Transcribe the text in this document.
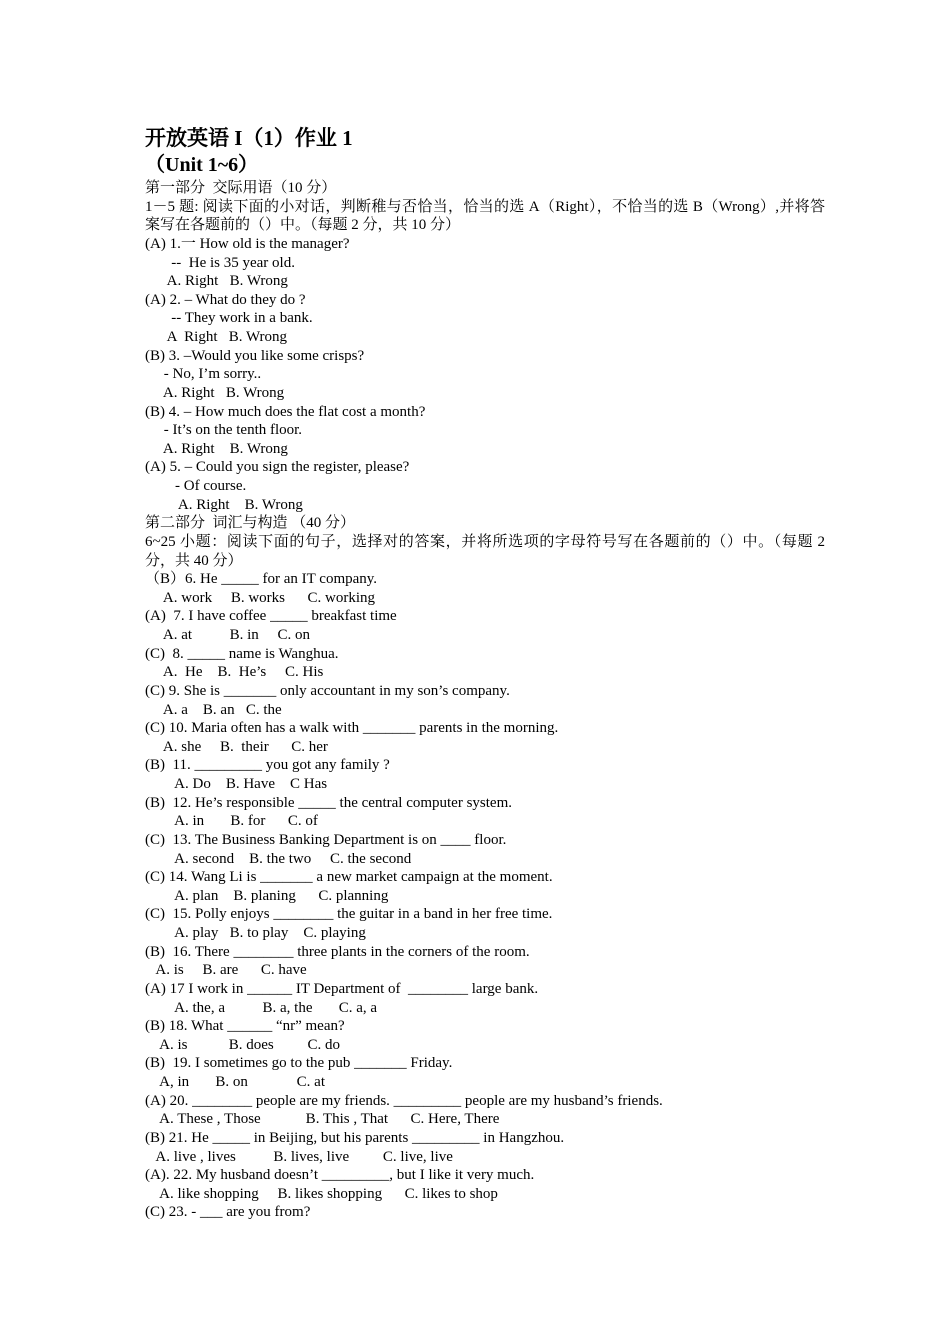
开放英语 I（1）作业 1
（Unit 1~6）
第一部分  交际用语（10 分）
1－5 题: 阅读下面的小对话，判断稚与否恰当，恰当的选 A（Right），不恰当的选 B（Wrong）,并将答案写在各题前的（）中。（每题 2 分，共 10 分）
(A) 1.一 How old is the manager?
--  He is 35 year old.
A. Right   B. Wrong
(A) 2. – What do they do ?
-- They work in a bank.
A  Right   B. Wrong
(B) 3. –Would you like some crisps?
- No, I’m sorry..
A. Right   B. Wrong
(B) 4. – How much does the flat cost a month?
- It’s on the tenth floor.
A. Right    B. Wrong
(A) 5. – Could you sign the register, please?
- Of course.
A. Right    B. Wrong
第二部分  词汇与构造 （40 分）
6~25 小题：阅读下面的句子，选择对的答案，并将所选项的字母符号写在各题前的（）中。（每题 2 分，共 40 分）
（B）6. He _____ for an IT company.
A. work     B. works      C. working
(A)  7. I have coffee _____ breakfast time
A. at          B. in     C. on
(C)  8. _____ name is Wanghua.
A.  He    B.  He’s     C. His
(C) 9. She is _______ only accountant in my son’s company.
A. a    B. an   C. the
(C) 10. Maria often has a walk with _______ parents in the morning.
A. she     B.  their      C. her
(B)  11. _________ you got any family ?
A. Do    B. Have    C Has
(B)  12. He’s responsible _____ the central computer system.
A. in       B. for      C. of
(C)  13. The Business Banking Department is on ____ floor.
A. second    B. the two     C. the second
(C) 14. Wang Li is _______ a new market campaign at the moment.
A. plan    B. planing      C. planning
(C)  15. Polly enjoys ________ the guitar in a band in her free time.
A. play   B. to play    C. playing
(B)  16. There ________ three plants in the corners of the room.
A. is     B. are      C. have
(A) 17 I work in ______ IT Department of  ________ large bank.
A. the, a          B. a, the       C. a, a
(B) 18. What ______ “nr” mean?
A. is           B. does         C. do
(B)  19. I sometimes go to the pub _______ Friday.
A, in       B. on             C. at
(A) 20. ________ people are my friends. _________ people are my husband’s friends.
A. These , Those            B. This , That      C. Here, There
(B) 21. He _____ in Beijing, but his parents _________ in Hangzhou.
A. live , lives          B. lives, live         C. live, live
(A). 22. My husband doesn’t _________, but I like it very much.
A. like shopping     B. likes shopping      C. likes to shop
(C) 23. - ___ are you from?
